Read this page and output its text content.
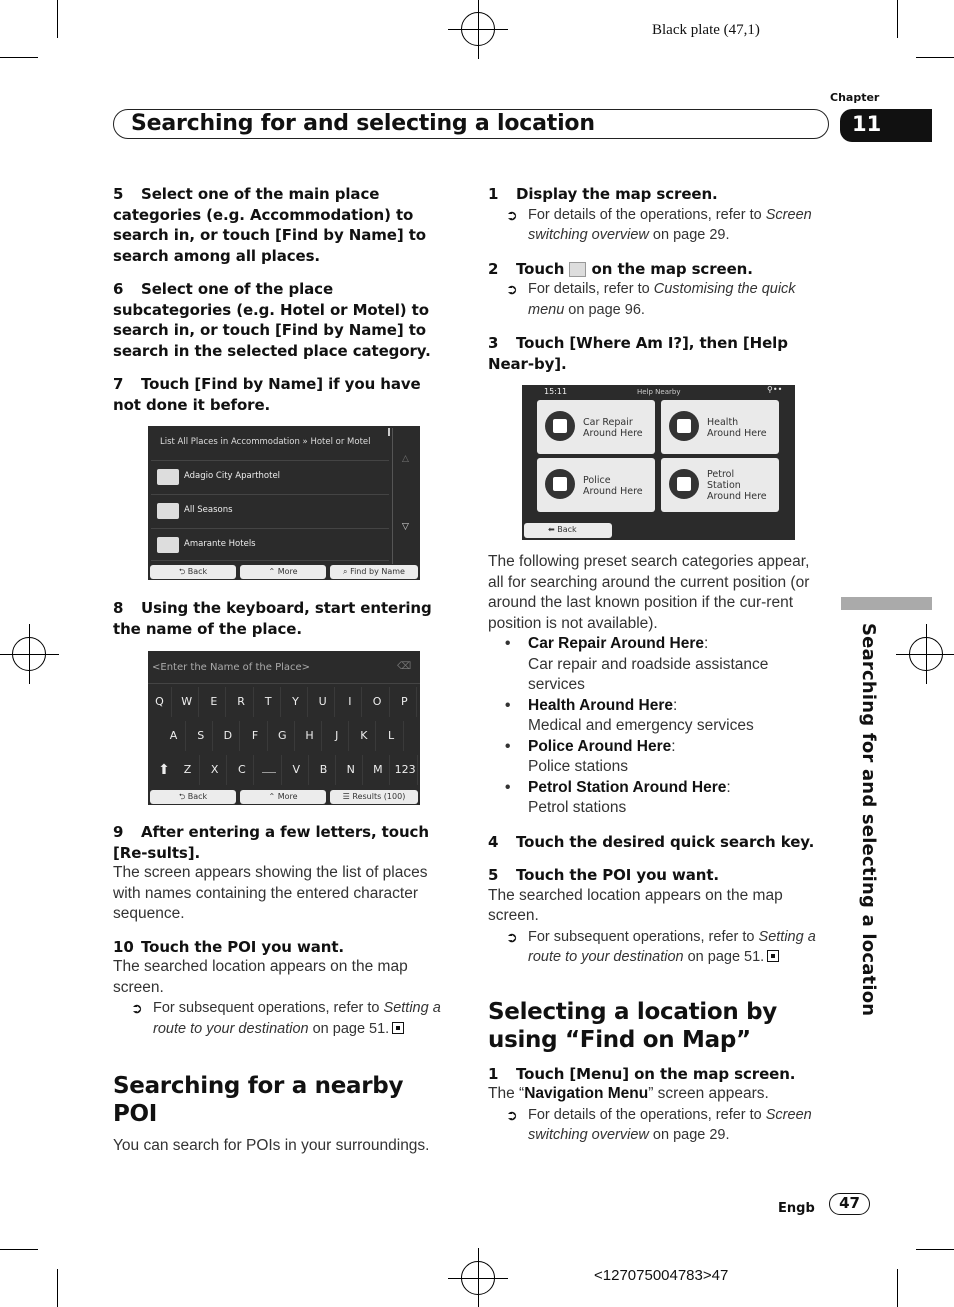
Black plate (47,1)
Chapter
Searching for and selecting a location	11
Searching for and selecting a location
5 Select one of the main place categories (e.g. Accommodation) to search in, or touch [Find by Name] to search among all places.
6 Select one of the place subcategories (e.g. Hotel or Motel) to search in, or touch [Find by Name] to search in the selected place category.
7 Touch [Find by Name] if you have not done it before.
List All Places in Accommodation » Hotel or Motel
Adagio City Aparthotel
All Seasons
Amarante Hotels
△
▽
⮌ Back	⌃ More	⌕ Find by Name
8 Using the keyboard, start entering the name of the place.
<Enter the Name of the Place>	⌫
Q	W	E	R	T	Y	U	I	O	P
A	S	D	F	G	H	J	K	L
⬆	Z	X	C	V	B	N	M	123
⮌ Back	⌃ More	☰ Results (100)
9 After entering a few letters, touch [Re-sults].
The screen appears showing the list of places with names containing the entered character sequence.
10 Touch the POI you want.
The searched location appears on the map screen.
➲ For subsequent operations, refer to Setting a route to your destination on page 51.
Searching for a nearby POI
You can search for POIs in your surroundings.
1 Display the map screen.
➲ For details of the operations, refer to Screen switching overview on page 29.
2 Touch on the map screen.
➲ For details, refer to Customising the quick menu on page 96.
3 Touch [Where Am I?], then [Help Near-by].
15:11	Help Nearby	⚲••
Car Repair
Around Here
Health
Around Here
Police
Around Here
Petrol
Station
Around Here
⬅ Back
The following preset search categories appear, all for searching around the current position (or around the last known position if the cur-rent position is not available).
• Car Repair Around Here:
Car repair and roadside assistance services
• Health Around Here:
Medical and emergency services
• Police Around Here:
Police stations
• Petrol Station Around Here:
Petrol stations
4 Touch the desired quick search key.
5 Touch the POI you want.
The searched location appears on the map screen.
➲ For subsequent operations, refer to Setting a route to your destination on page 51.
Selecting a location by using “Find on Map”
1 Touch [Menu] on the map screen.
The “Navigation Menu” screen appears.
➲ For details of the operations, refer to Screen switching overview on page 29.
Engb	47
<127075004783>47
